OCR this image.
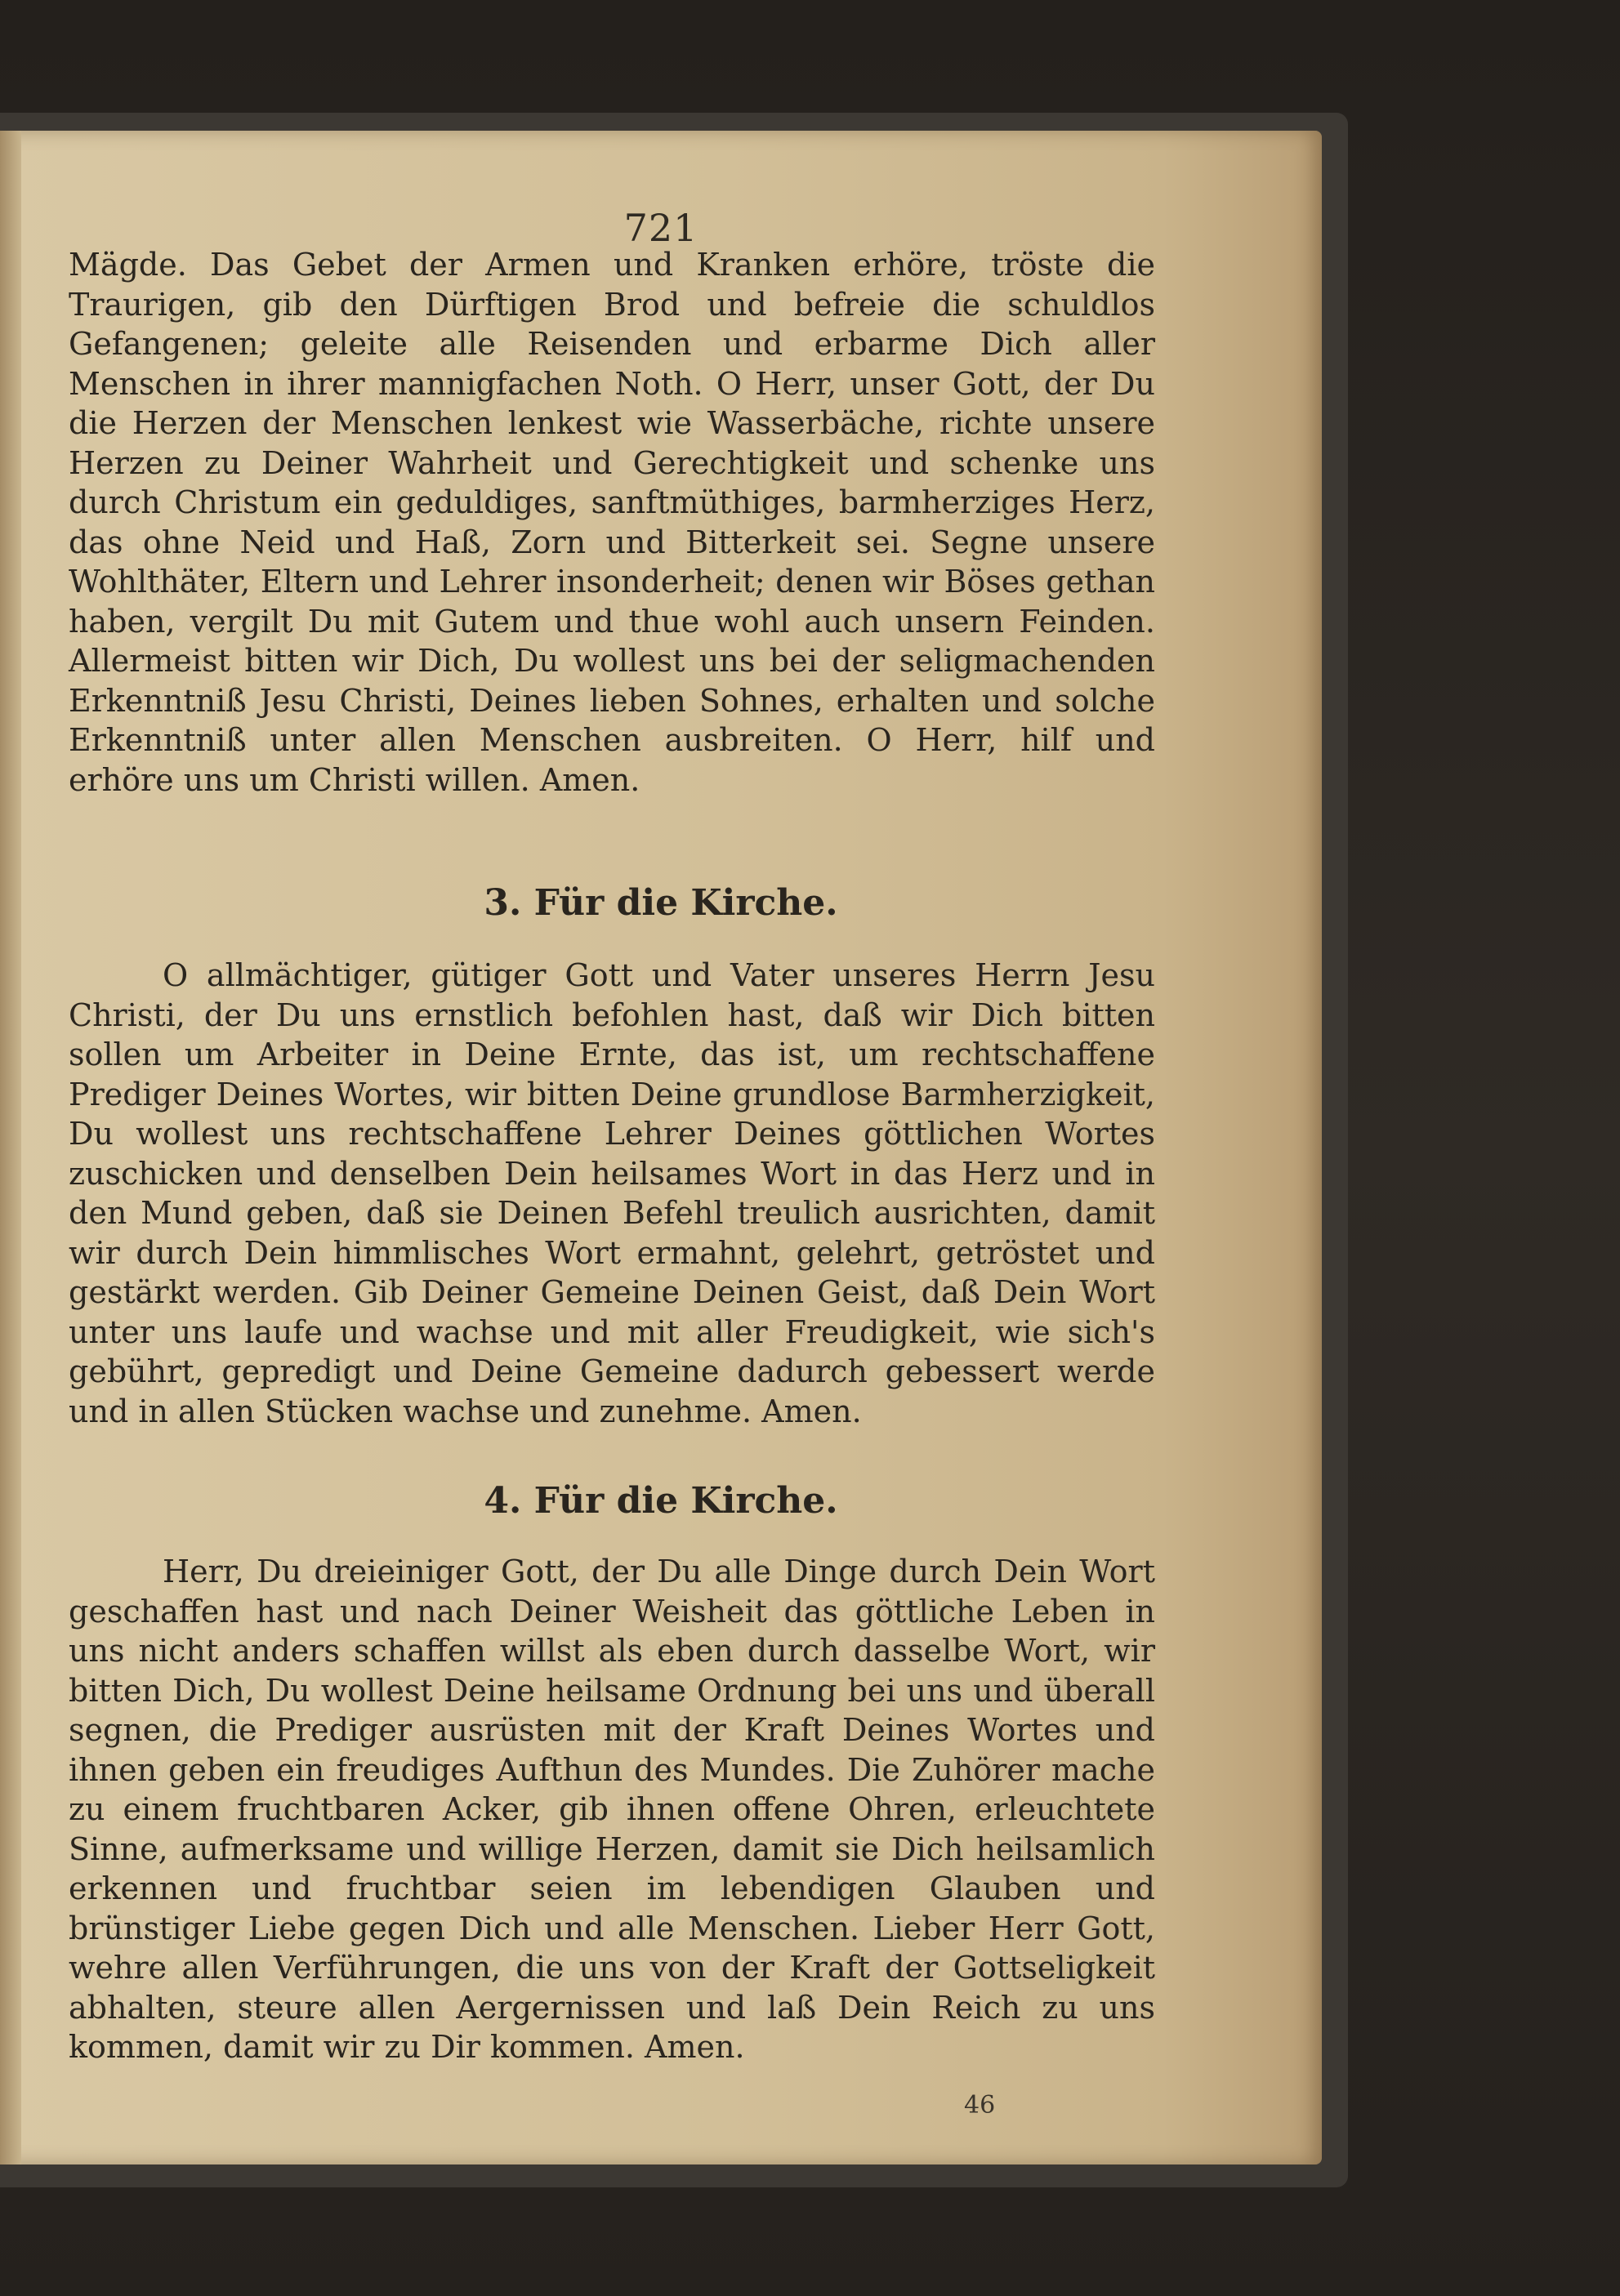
721

Mägde. Das Gebet der Armen und Kranken erhöre, tröste die Traurigen, gib den Dürftigen Brod und befreie die schuldlos Gefangenen; geleite alle Reisenden und erbarme Dich aller Menschen in ihrer mannigfachen Noth. O Herr, unser Gott, der Du die Herzen der Menschen lenkest wie Wasserbäche, richte unsere Herzen zu Deiner Wahrheit und Gerechtigkeit und schenke uns durch Christum ein geduldiges, sanftmüthiges, barmherziges Herz, das ohne Neid und Haß, Zorn und Bitterkeit sei. Segne unsere Wohlthäter, Eltern und Lehrer insonderheit; denen wir Böses gethan haben, vergilt Du mit Gutem und thue wohl auch unsern Feinden. Allermeist bitten wir Dich, Du wollest uns bei der seligmachenden Erkenntniß Jesu Christi, Deines lieben Sohnes, erhalten und solche Erkenntniß unter allen Menschen ausbreiten. O Herr, hilf und erhöre uns um Christi willen. Amen.

3. Für die Kirche.

O allmächtiger, gütiger Gott und Vater unseres Herrn Jesu Christi, der Du uns ernstlich befohlen hast, daß wir Dich bitten sollen um Arbeiter in Deine Ernte, das ist, um rechtschaffene Prediger Deines Wortes, wir bitten Deine grundlose Barmherzigkeit, Du wollest uns rechtschaffene Lehrer Deines göttlichen Wortes zuschicken und denselben Dein heilsames Wort in das Herz und in den Mund geben, daß sie Deinen Befehl treulich ausrichten, damit wir durch Dein himmlisches Wort ermahnt, gelehrt, getröstet und gestärkt werden. Gib Deiner Gemeine Deinen Geist, daß Dein Wort unter uns laufe und wachse und mit aller Freudigkeit, wie sich's gebührt, gepredigt und Deine Gemeine dadurch gebessert werde und in allen Stücken wachse und zunehme. Amen.

4. Für die Kirche.

Herr, Du dreieiniger Gott, der Du alle Dinge durch Dein Wort geschaffen hast und nach Deiner Weisheit das göttliche Leben in uns nicht anders schaffen willst als eben durch dasselbe Wort, wir bitten Dich, Du wollest Deine heilsame Ordnung bei uns und überall segnen, die Prediger ausrüsten mit der Kraft Deines Wortes und ihnen geben ein freudiges Aufthun des Mundes. Die Zuhörer mache zu einem fruchtbaren Acker, gib ihnen offene Ohren, erleuchtete Sinne, aufmerksame und willige Herzen, damit sie Dich heilsamlich erkennen und fruchtbar seien im lebendigen Glauben und brünstiger Liebe gegen Dich und alle Menschen. Lieber Herr Gott, wehre allen Verführungen, die uns von der Kraft der Gottseligkeit abhalten, steure allen Aergernissen und laß Dein Reich zu uns kommen, damit wir zu Dir kommen. Amen.

46
